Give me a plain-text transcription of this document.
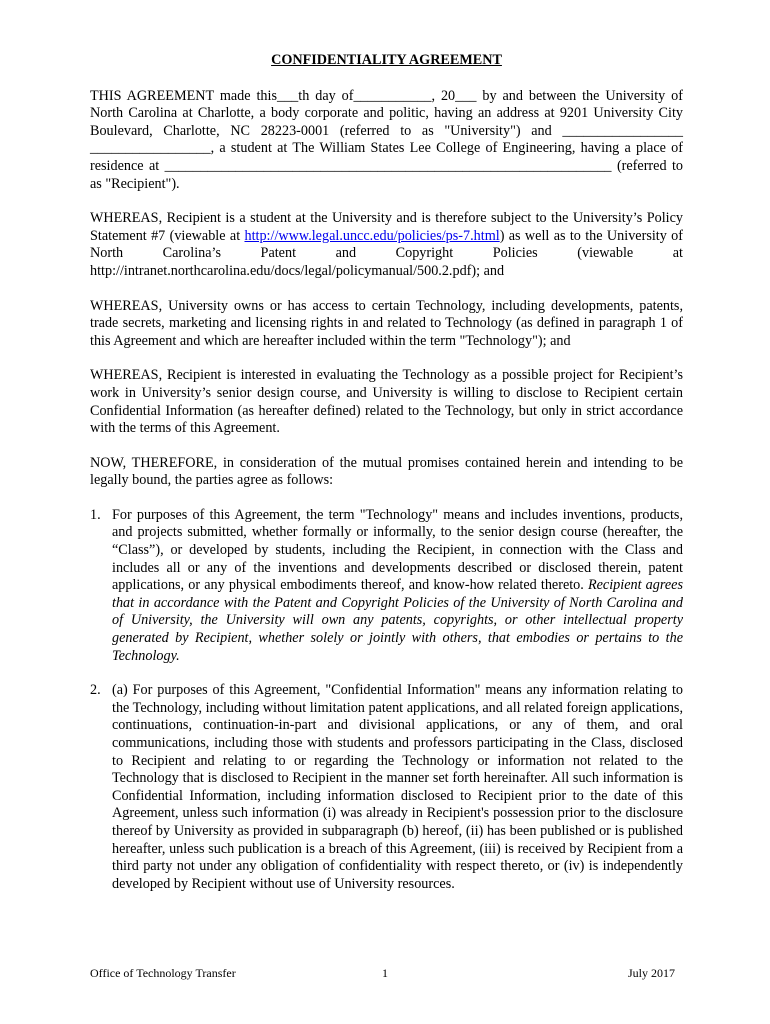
CONFIDENTIALITY AGREEMENT

THIS AGREEMENT made this___th day of___________, 20___ by and between the University of North Carolina at Charlotte, a body corporate and politic, having an address at 9201 University City Boulevard, Charlotte, NC 28223-0001 (referred to as "University") and _________________ _________________, a student at The William States Lee College of Engineering, having a place of residence at _______________________________________________________________ (referred to as "Recipient").

WHEREAS, Recipient is a student at the University and is therefore subject to the University’s Policy Statement #7 (viewable at http://www.legal.uncc.edu/policies/ps-7.html) as well as to the University of North Carolina’s Patent and Copyright Policies (viewable at http://intranet.northcarolina.edu/docs/legal/policymanual/500.2.pdf); and

WHEREAS, University owns or has access to certain Technology, including developments, patents, trade secrets, marketing and licensing rights in and related to Technology (as defined in paragraph 1 of this Agreement and which are hereafter included within the term "Technology"); and

WHEREAS, Recipient is interested in evaluating the Technology as a possible project for Recipient’s work in University’s senior design course, and University is willing to disclose to Recipient certain Confidential Information (as hereafter defined) related to the Technology, but only in strict accordance with the terms of this Agreement.

NOW, THEREFORE, in consideration of the mutual promises contained herein and intending to be legally bound, the parties agree as follows:

1. For purposes of this Agreement, the term "Technology" means and includes inventions, products, and projects submitted, whether formally or informally, to the senior design course (hereafter, the “Class”), or developed by students, including the Recipient, in connection with the Class and includes all or any of the inventions and developments described or disclosed therein, patent applications, or any physical embodiments thereof, and know-how related thereto. Recipient agrees that in accordance with the Patent and Copyright Policies of the University of North Carolina and of University, the University will own any patents, copyrights, or other intellectual property generated by Recipient, whether solely or jointly with others, that embodies or pertains to the Technology.
2. (a) For purposes of this Agreement, "Confidential Information" means any information relating to the Technology, including without limitation patent applications, and all related foreign applications, continuations, continuation-in-part and divisional applications, or any of them, and oral communications, including those with students and professors participating in the Class, disclosed to Recipient and relating to or regarding the Technology or information not related to the Technology that is disclosed to Recipient in the manner set forth hereinafter. All such information is Confidential Information, including information disclosed to Recipient prior to the date of this Agreement, unless such information (i) was already in Recipient's possession prior to the disclosure thereof by University as provided in subparagraph (b) hereof, (ii) has been published or is published hereafter, unless such publication is a breach of this Agreement, (iii) is received by Recipient from a third party not under any obligation of confidentiality with respect thereto, or (iv) is independently developed by Recipient without use of University resources.
Office of Technology Transfer	1	July 2017
